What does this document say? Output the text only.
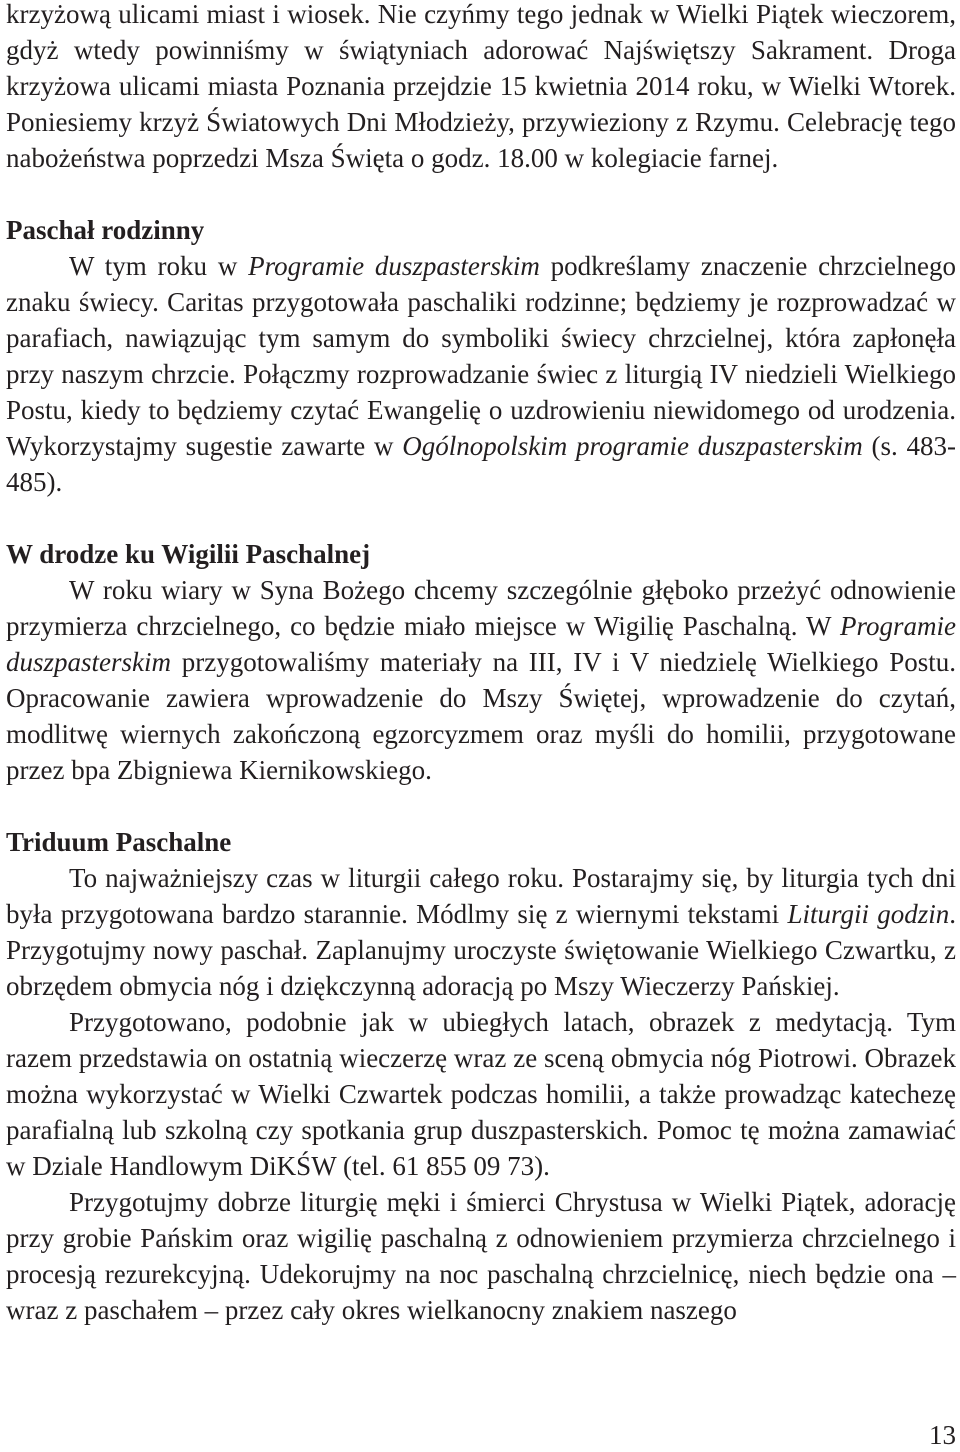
krzyżową ulicami miast i wiosek. Nie czyńmy tego jednak w Wielki Piątek wieczorem, gdyż wtedy powinniśmy w świątyniach adorować Najświętszy Sakrament. Droga krzyżowa ulicami miasta Poznania przejdzie 15 kwietnia 2014 roku, w Wielki Wtorek. Poniesiemy krzyż Światowych Dni Młodzieży, przywieziony z Rzymu. Celebrację tego nabożeństwa poprzedzi Msza Święta o godz. 18.00 w kolegiacie farnej.

Paschał rodzinny

W tym roku w Programie duszpasterskim podkreślamy znaczenie chrzcielnego znaku świecy. Caritas przygotowała paschaliki rodzinne; będziemy je rozprowadzać w parafiach, nawiązując tym samym do symboliki świecy chrzcielnej, która zapłonęła przy naszym chrzcie. Połączmy rozprowadzanie świec z liturgią IV niedzieli Wielkiego Postu, kiedy to będziemy czytać Ewangelię o uzdrowieniu niewidomego od urodzenia. Wykorzystajmy sugestie zawarte w Ogólnopolskim programie duszpasterskim (s. 483-485).

W drodze ku Wigilii Paschalnej

W roku wiary w Syna Bożego chcemy szczególnie głęboko przeżyć odnowienie przymierza chrzcielnego, co będzie miało miejsce w Wigilię Paschalną. W Programie duszpasterskim przygotowaliśmy materiały na III, IV i V niedzielę Wielkiego Postu. Opracowanie zawiera wprowadzenie do Mszy Świętej, wprowadzenie do czytań, modlitwę wiernych zakończoną egzorcyzmem oraz myśli do homilii, przygotowane przez bpa Zbigniewa Kiernikowskiego.

Triduum Paschalne

To najważniejszy czas w liturgii całego roku. Postarajmy się, by liturgia tych dni była przygotowana bardzo starannie. Módlmy się z wiernymi tekstami Liturgii godzin. Przygotujmy nowy paschał. Zaplanujmy uroczyste świętowanie Wielkiego Czwartku, z obrzędem obmycia nóg i dziękczynną adoracją po Mszy Wieczerzy Pańskiej.

Przygotowano, podobnie jak w ubiegłych latach, obrazek z medytacją. Tym razem przedstawia on ostatnią wieczerzę wraz ze sceną obmycia nóg Piotrowi. Obrazek można wykorzystać w Wielki Czwartek podczas homilii, a także prowadząc katechezę parafialną lub szkolną czy spotkania grup duszpasterskich. Pomoc tę można zamawiać w Dziale Handlowym DiKŚW (tel. 61 855 09 73).

Przygotujmy dobrze liturgię męki i śmierci Chrystusa w Wielki Piątek, adorację przy grobie Pańskim oraz wigilię paschalną z odnowieniem przymierza chrzcielnego i procesją rezurekcyjną. Udekorujmy na noc paschalną chrzcielnicę, niech będzie ona – wraz z paschałem – przez cały okres wielkanocny znakiem naszego

13
